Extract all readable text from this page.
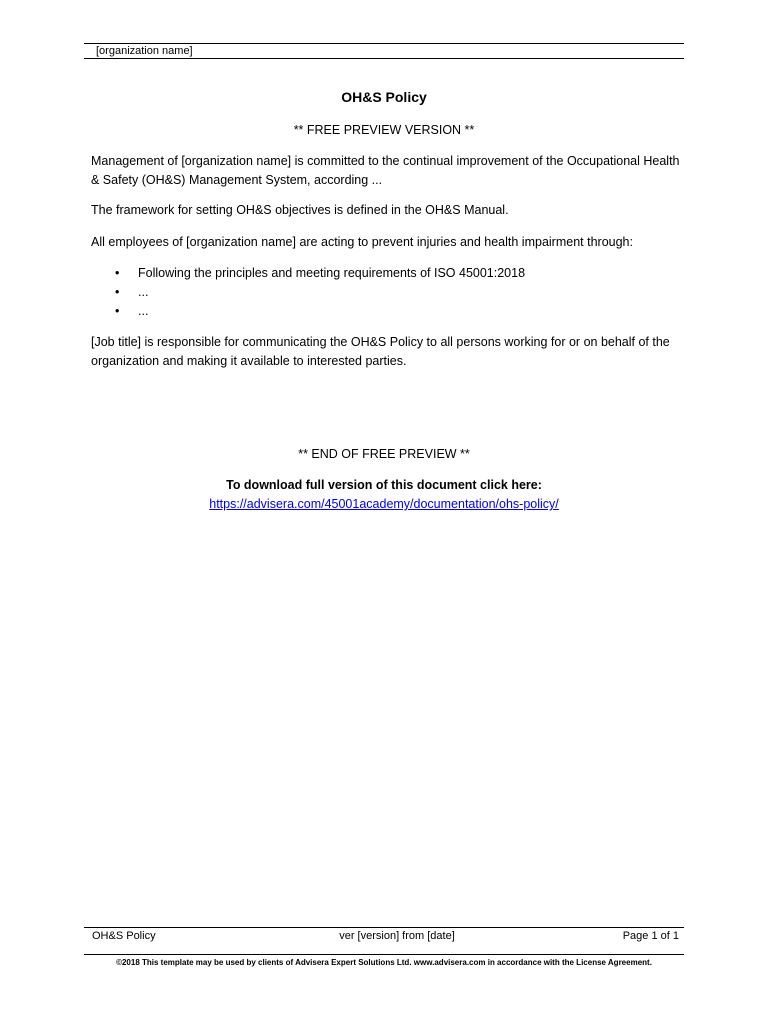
[organization name]
OH&S Policy
** FREE PREVIEW VERSION **
Management of [organization name] is committed to the continual improvement of the Occupational Health & Safety (OH&S) Management System, according ...
The framework for setting OH&S objectives is defined in the OH&S Manual.
All employees of [organization name] are acting to prevent injuries and health impairment through:
• Following the principles and meeting requirements of ISO 45001:2018
• ...
• ...
[Job title] is responsible for communicating the OH&S Policy to all persons working for or on behalf of the organization and making it available to interested parties.
** END OF FREE PREVIEW **
To download full version of this document click here:
https://advisera.com/45001academy/documentation/ohs-policy/
OH&S Policy	ver [version] from [date]	Page 1 of 1
©2018 This template may be used by clients of Advisera Expert Solutions Ltd. www.advisera.com in accordance with the License Agreement.
